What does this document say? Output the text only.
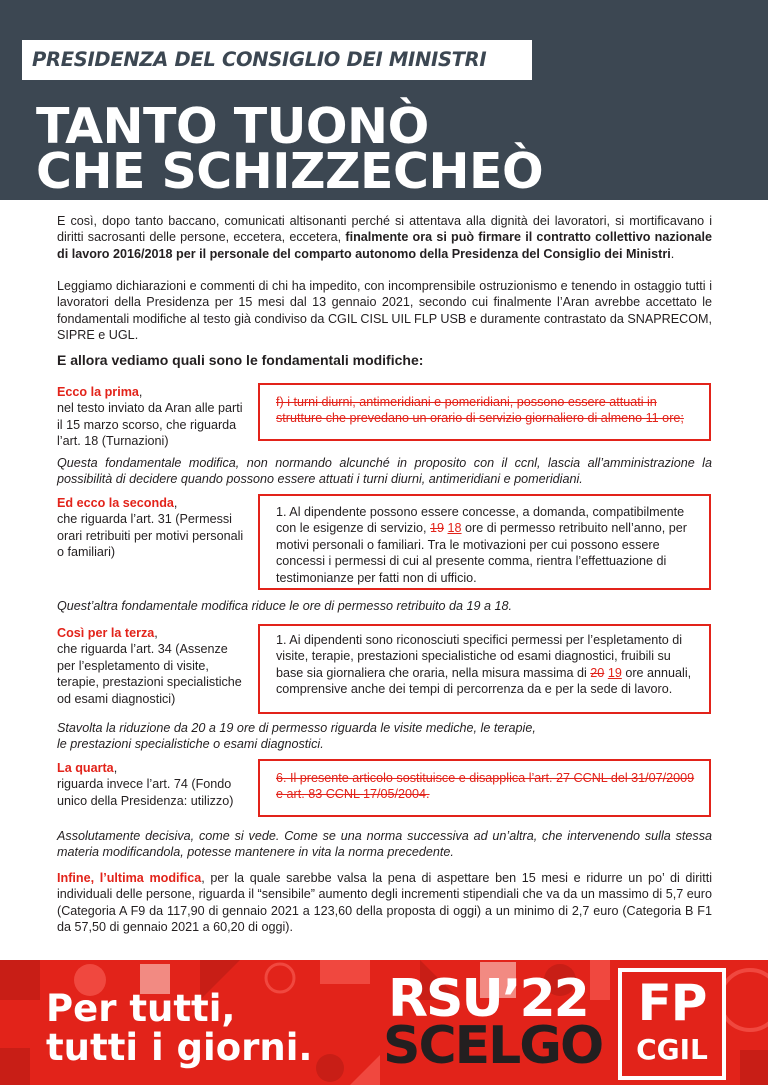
PRESIDENZA DEL CONSIGLIO DEI MINISTRI
TANTO TUONÒ
CHE SCHIZZECHEÒ

E così, dopo tanto baccano, comunicati altisonanti perché si attentava alla dignità dei lavoratori, si mortificavano i diritti sacrosanti delle persone, eccetera, eccetera, finalmente ora si può firmare il contratto collettivo nazionale di lavoro 2016/2018 per il personale del comparto autonomo della Presidenza del Consiglio dei Ministri.

Leggiamo dichiarazioni e commenti di chi ha impedito, con incomprensibile ostruzionismo e tenendo in ostaggio tutti i lavoratori della Presidenza per 15 mesi dal 13 gennaio 2021, secondo cui finalmente l’Aran avrebbe accettato le fondamentali modifiche al testo già condiviso da CGIL CISL UIL FLP USB e duramente contrastato da SNAPRECOM, SIPRE e UGL.

E allora vediamo quali sono le fondamentali modifiche:
Ecco la prima,
nel testo inviato da Aran alle parti il 15 marzo scorso, che riguarda l’art. 18 (Turnazioni)

f) i turni diurni, antimeridiani e pomeridiani, possono essere attuati in strutture che prevedano un orario di servizio giornaliero di almeno 11 ore;

Questa fondamentale modifica, non normando alcunché in proposito con il ccnl, lascia all’amministrazione la possibilità di decidere quando possono essere attuati i turni diurni, antimeridiani e pomeridiani.

Ed ecco la seconda,
che riguarda l’art. 31 (Permessi orari retribuiti per motivi personali o familiari)

1. Al dipendente possono essere concesse, a domanda, compatibilmente con le esigenze di servizio, 19 18 ore di permesso retribuito nell’anno, per motivi personali o familiari. Tra le motivazioni per cui possono essere concessi i permessi di cui al presente comma, rientra l’effettuazione di testimonianze per fatti non di ufficio.

Quest’altra fondamentale modifica riduce le ore di permesso retribuito da 19 a 18.

Così per la terza,
che riguarda l’art. 34 (Assenze per l’espletamento di visite, terapie, prestazioni specialistiche od esami diagnostici)

1. Ai dipendenti sono riconosciuti specifici permessi per l’espletamento di visite, terapie, prestazioni specialistiche od esami diagnostici, fruibili su base sia giornaliera che oraria, nella misura massima di 20 19 ore annuali, comprensive anche dei tempi di percorrenza da e per la sede di lavoro.

Stavolta la riduzione da 20 a 19 ore di permesso riguarda le visite mediche, le terapie,
le prestazioni specialistiche o esami diagnostici.

La quarta,
riguarda invece l’art. 74 (Fondo unico della Presidenza: utilizzo)

6. Il presente articolo sostituisce e disapplica l’art. 27 CCNL del 31/07/2009 e art. 83 CCNL 17/05/2004.

Assolutamente decisiva, come si vede. Come se una norma successiva ad un’altra, che intervenendo sulla stessa materia modificandola, potesse mantenere in vita la norma precedente.

Infine, l’ultima modifica, per la quale sarebbe valsa la pena di aspettare ben 15 mesi e ridurre un po’ di diritti individuali delle persone, riguarda il “sensibile” aumento degli incrementi stipendiali che va da un massimo di 5,7 euro (Categoria A F9 da 117,90 di gennaio 2021 a 123,60 della proposta di oggi) a un minimo di 2,7 euro (Categoria B F1 da 57,50 di gennaio 2021 a 60,20 di oggi).

Per tutti,
tutti i giorni.
RSU’22
SCELGO
FP
CGIL
